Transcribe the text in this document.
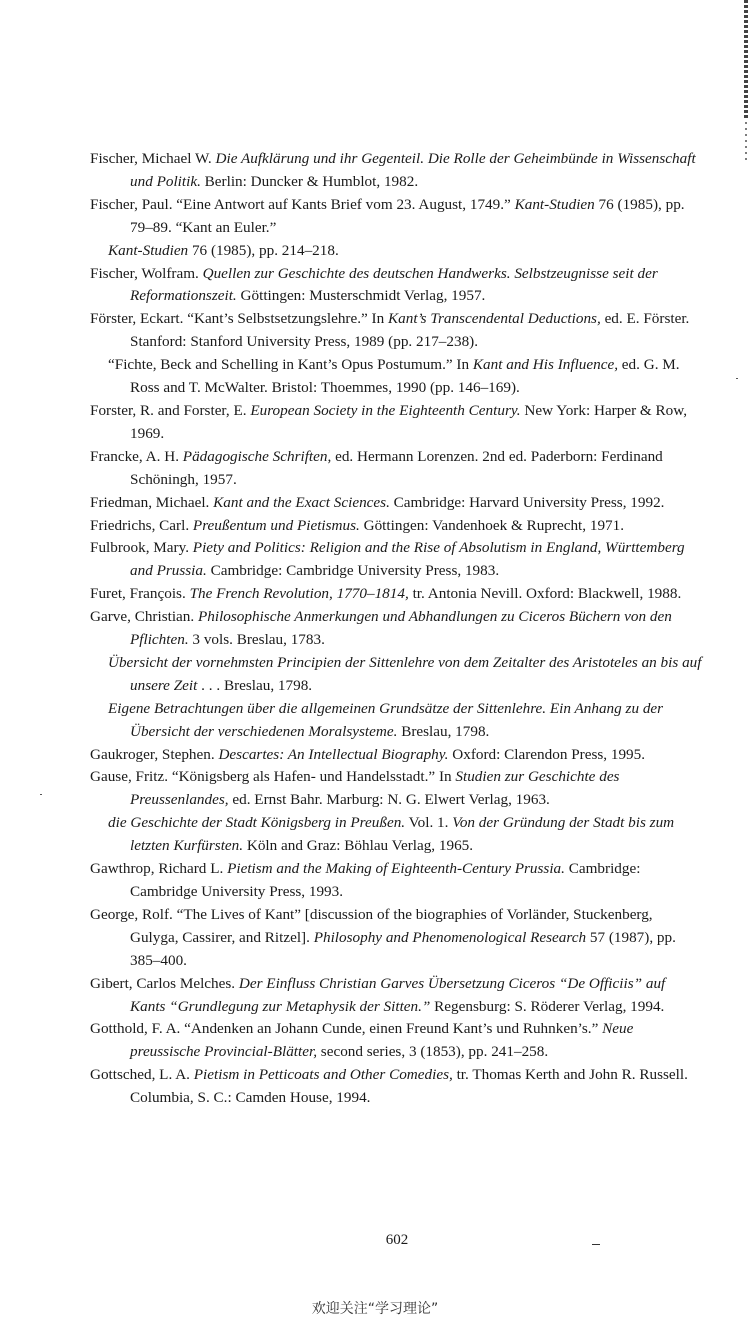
Fischer, Michael W. Die Aufklärung und ihr Gegenteil. Die Rolle der Geheimbünde in Wissenschaft und Politik. Berlin: Duncker & Humblot, 1982.

Fischer, Paul. “Eine Antwort auf Kants Brief vom 23. August, 1749.” Kant-Studien 76 (1985), pp. 79–89. “Kant an Euler.”

Kant-Studien 76 (1985), pp. 214–218.

Fischer, Wolfram. Quellen zur Geschichte des deutschen Handwerks. Selbstzeugnisse seit der Reformationszeit. Göttingen: Musterschmidt Verlag, 1957.

Förster, Eckart. “Kant’s Selbstsetzungslehre.” In Kant’s Transcendental Deductions, ed. E. Förster. Stanford: Stanford University Press, 1989 (pp. 217–238).

“Fichte, Beck and Schelling in Kant’s Opus Postumum.” In Kant and His Influence, ed. G. M. Ross and T. McWalter. Bristol: Thoemmes, 1990 (pp. 146–169).

Forster, R. and Forster, E. European Society in the Eighteenth Century. New York: Harper & Row, 1969.

Francke, A. H. Pädagogische Schriften, ed. Hermann Lorenzen. 2nd ed. Paderborn: Ferdinand Schöningh, 1957.

Friedman, Michael. Kant and the Exact Sciences. Cambridge: Harvard University Press, 1992.

Friedrichs, Carl. Preußentum und Pietismus. Göttingen: Vandenhoek & Ruprecht, 1971.

Fulbrook, Mary. Piety and Politics: Religion and the Rise of Absolutism in England, Württemberg and Prussia. Cambridge: Cambridge University Press, 1983.

Furet, François. The French Revolution, 1770–1814, tr. Antonia Nevill. Oxford: Blackwell, 1988.

Garve, Christian. Philosophische Anmerkungen und Abhandlungen zu Ciceros Büchern von den Pflichten. 3 vols. Breslau, 1783.

Übersicht der vornehmsten Principien der Sittenlehre von dem Zeitalter des Aristoteles an bis auf unsere Zeit . . . Breslau, 1798.

Eigene Betrachtungen über die allgemeinen Grundsätze der Sittenlehre. Ein Anhang zu der Übersicht der verschiedenen Moralsysteme. Breslau, 1798.

Gaukroger, Stephen. Descartes: An Intellectual Biography. Oxford: Clarendon Press, 1995.

Gause, Fritz. “Königsberg als Hafen- und Handelsstadt.” In Studien zur Geschichte des Preussenlandes, ed. Ernst Bahr. Marburg: N. G. Elwert Verlag, 1963.

die Geschichte der Stadt Königsberg in Preußen. Vol. 1. Von der Gründung der Stadt bis zum letzten Kurfürsten. Köln and Graz: Böhlau Verlag, 1965.

Gawthrop, Richard L. Pietism and the Making of Eighteenth-Century Prussia. Cambridge: Cambridge University Press, 1993.

George, Rolf. “The Lives of Kant” [discussion of the biographies of Vorländer, Stuckenberg, Gulyga, Cassirer, and Ritzel]. Philosophy and Phenomenological Research 57 (1987), pp. 385–400.

Gibert, Carlos Melches. Der Einfluss Christian Garves Übersetzung Ciceros “De Officiis” auf Kants “Grundlegung zur Metaphysik der Sitten.” Regensburg: S. Röderer Verlag, 1994.

Gotthold, F. A. “Andenken an Johann Cunde, einen Freund Kant’s und Ruhnken’s.” Neue preussische Provincial-Blätter, second series, 3 (1853), pp. 241–258.

Gottsched, L. A. Pietism in Petticoats and Other Comedies, tr. Thomas Kerth and John R. Russell. Columbia, S. C.: Camden House, 1994.

602
欢迎关注“学习理论”
